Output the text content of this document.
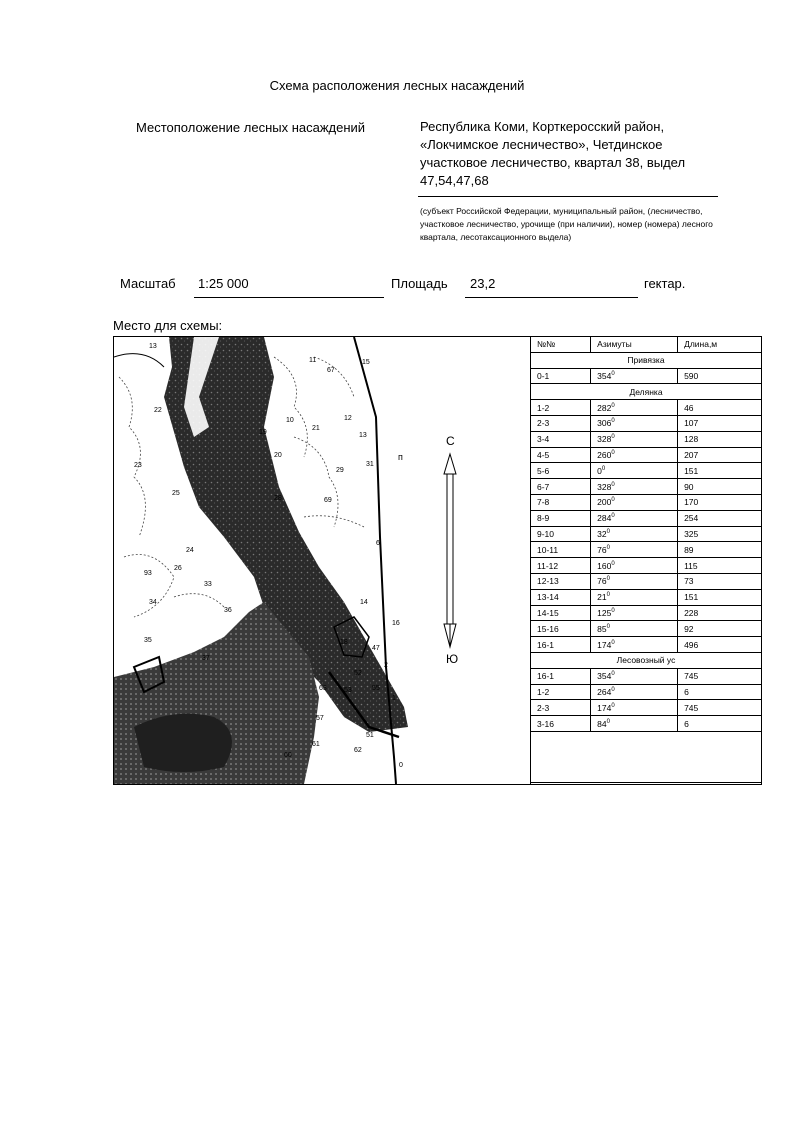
Схема расположения лесных насаждений
Местоположение лесных насаждений	Республика Коми, Корткеросский район, «Локчимское лесничество», Четдинское участковое лесничество, квартал 38, выдел 47,54,47,68
(субъект Российской Федерации, муниципальный район, (лесничество, участковое лесничество, урочище (при наличии), номер (номера) лесного квартала, лесотаксационного выдела)
Масштаб 1:25 000	Площадь 23,2	гектар.
Место для схемы:
13
11
67
15
10
22
12
19
20
29
13
31
21
28
25
23
69
24
26
93
36
33
34
35
37
16
61
63
60
62
55
52
53
57
51
47
14
18
2
1
6
0
п
С
Ю
№№	Азимуты	Длина,м
Привязка		
0-1	$354^0$	590
Делянка		
1-2	$282^0$	46
2-3	$306^0$	107
3-4	$328^0$	128
4-5	$260^0$	207
5-6	$0^0$	151
6-7	$328^0$	90
7-8	$200^0$	170
8-9	$284^0$	254
9-10	$32^0$	325
10-11	$76^0$	89
11-12	$160^0$	115
12-13	$76^0$	73
13-14	$21^0$	151
14-15	$125^0$	228
15-16	$85^0$	92
16-1	$174^0$	496
Лесовозный ус		
16-1	$354^0$	745
1-2	$264^0$	6
2-3	$174^0$	745
3-16	$84^0$	6
